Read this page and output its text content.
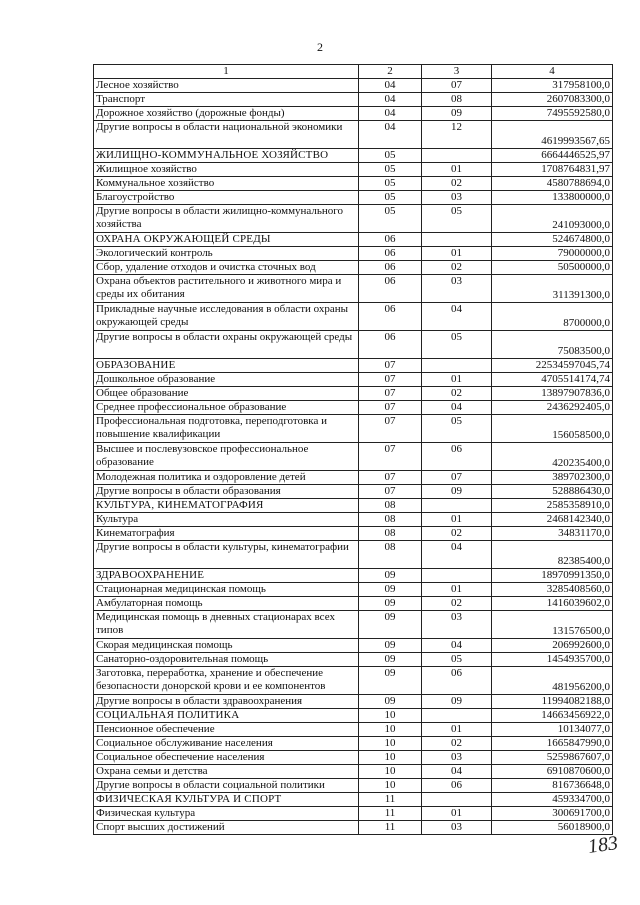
2
1	2	3	4
Лесное хозяйство	04	07	317958100,0
Транспорт	04	08	2607083300,0
Дорожное хозяйство (дорожные фонды)	04	09	7495592580,0
Другие вопросы в области национальной экономики	04	12	4619993567,65
ЖИЛИЩНО-КОММУНАЛЬНОЕ ХОЗЯЙСТВО	05		6664446525,97
Жилищное хозяйство	05	01	1708764831,97
Коммунальное хозяйство	05	02	4580788694,0
Благоустройство	05	03	133800000,0
Другие вопросы в области жилищно-коммунального хозяйства	05	05	241093000,0
ОХРАНА ОКРУЖАЮЩЕЙ СРЕДЫ	06		524674800,0
Экологический контроль	06	01	79000000,0
Сбор, удаление отходов и очистка сточных вод	06	02	50500000,0
Охрана объектов растительного и животного мира и среды их обитания	06	03	311391300,0
Прикладные научные исследования в области охраны окружающей среды	06	04	8700000,0
Другие вопросы в области охраны окружающей среды	06	05	75083500,0
ОБРАЗОВАНИЕ	07		22534597045,74
Дошкольное образование	07	01	4705514174,74
Общее образование	07	02	13897907836,0
Среднее профессиональное образование	07	04	2436292405,0
Профессиональная подготовка, переподготовка и повышение квалификации	07	05	156058500,0
Высшее и послевузовское профессиональное образование	07	06	420235400,0
Молодежная политика и оздоровление детей	07	07	389702300,0
Другие вопросы в области образования	07	09	528886430,0
КУЛЬТУРА, КИНЕМАТОГРАФИЯ	08		2585358910,0
Культура	08	01	2468142340,0
Кинематография	08	02	34831170,0
Другие вопросы в области культуры, кинематографии	08	04	82385400,0
ЗДРАВООХРАНЕНИЕ	09		18970991350,0
Стационарная медицинская помощь	09	01	3285408560,0
Амбулаторная помощь	09	02	1416039602,0
Медицинская помощь в дневных стационарах всех типов	09	03	131576500,0
Скорая медицинская помощь	09	04	206992600,0
Санаторно-оздоровительная помощь	09	05	1454935700,0
Заготовка, переработка, хранение и обеспечение безопасности донорской крови и ее компонентов	09	06	481956200,0
Другие вопросы в области здравоохранения	09	09	11994082188,0
СОЦИАЛЬНАЯ ПОЛИТИКА	10		14663456922,0
Пенсионное обеспечение	10	01	10134077,0
Социальное обслуживание населения	10	02	1665847990,0
Социальное обеспечение населения	10	03	5259867607,0
Охрана семьи и детства	10	04	6910870600,0
Другие вопросы в области социальной политики	10	06	816736648,0
ФИЗИЧЕСКАЯ КУЛЬТУРА И СПОРТ	11		459334700,0
Физическая культура	11	01	300691700,0
Спорт высших достижений	11	03	56018900,0
183
